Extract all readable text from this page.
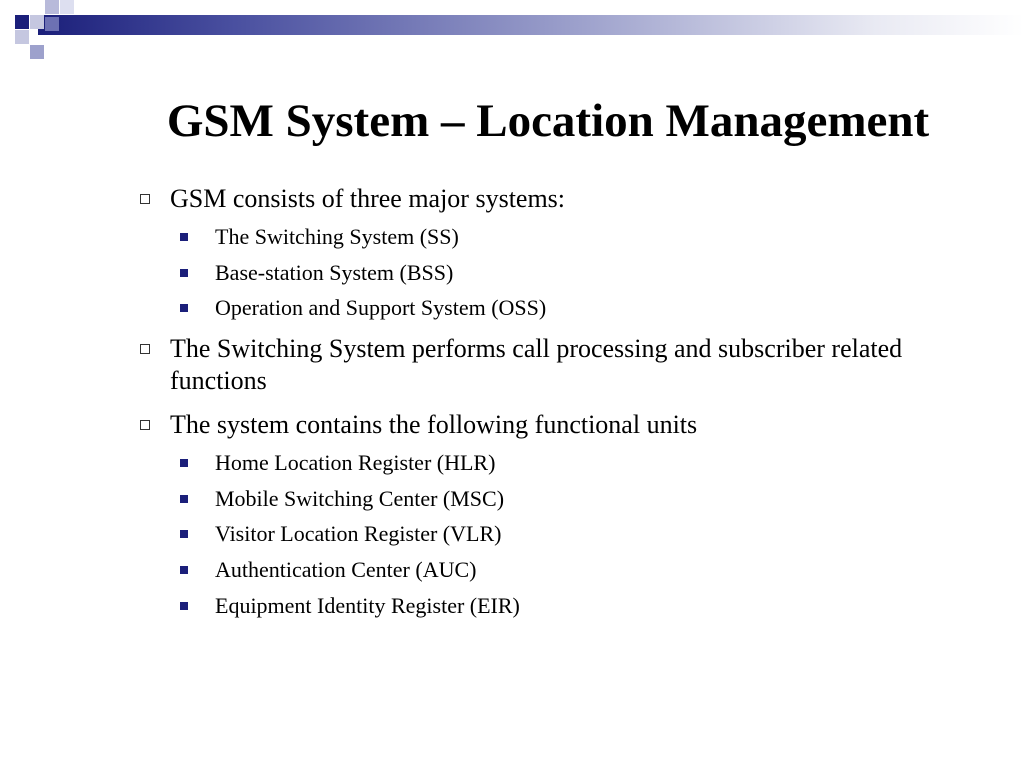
GSM System – Location Management
GSM consists of three major systems:
The Switching System (SS)
Base-station System (BSS)
Operation and Support System (OSS)
The Switching System performs call processing and subscriber related functions
The system contains the following functional units
Home Location Register (HLR)
Mobile Switching Center (MSC)
Visitor Location Register (VLR)
Authentication Center (AUC)
Equipment Identity Register (EIR)
